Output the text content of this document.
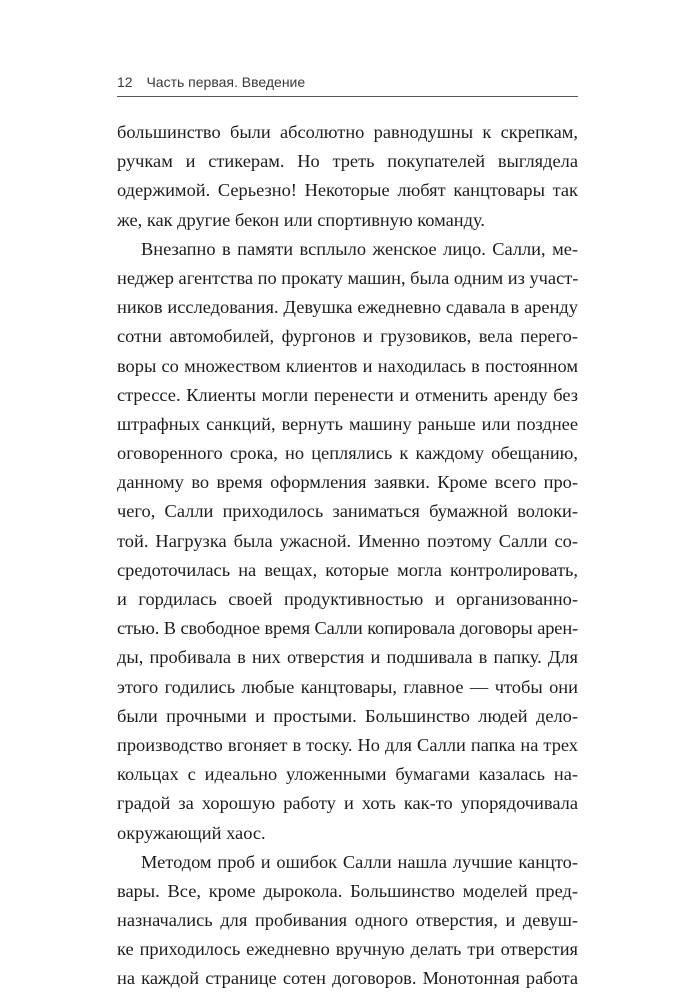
12 Часть первая. Введение
большинство были абсолютно равнодушны к скрепкам,
ручкам и стикерам. Но треть покупателей выглядела
одержимой. Серьезно! Некоторые любят канцтовары так
же, как другие бекон или спортивную команду.
Внезапно в памяти всплыло женское лицо. Салли, ме-
неджер агентства по прокату машин, была одним из участ-
ников исследования. Девушка ежедневно сдавала в аренду
сотни автомобилей, фургонов и грузовиков, вела перего-
воры со множеством клиентов и находилась в постоянном
стрессе. Клиенты могли перенести и отменить аренду без
штрафных санкций, вернуть машину раньше или позднее
оговоренного срока, но цеплялись к каждому обещанию,
данному во время оформления заявки. Кроме всего про-
чего, Салли приходилось заниматься бумажной волоки-
той. Нагрузка была ужасной. Именно поэтому Салли со-
средоточилась на вещах, которые могла контролировать,
и гордилась своей продуктивностью и организованно-
стью. В свободное время Салли копировала договоры арен-
ды, пробивала в них отверстия и подшивала в папку. Для
этого годились любые канцтовары, главное — чтобы они
были прочными и простыми. Большинство людей дело-
производство вгоняет в тоску. Но для Салли папка на трех
кольцах с идеально уложенными бумагами казалась на-
градой за хорошую работу и хоть как-то упорядочивала
окружающий хаос.
Методом проб и ошибок Салли нашла лучшие канцто-
вары. Все, кроме дырокола. Большинство моделей пред-
назначались для пробивания одного отверстия, и девуш-
ке приходилось ежедневно вручную делать три отверстия
на каждой странице сотен договоров. Монотонная работа
